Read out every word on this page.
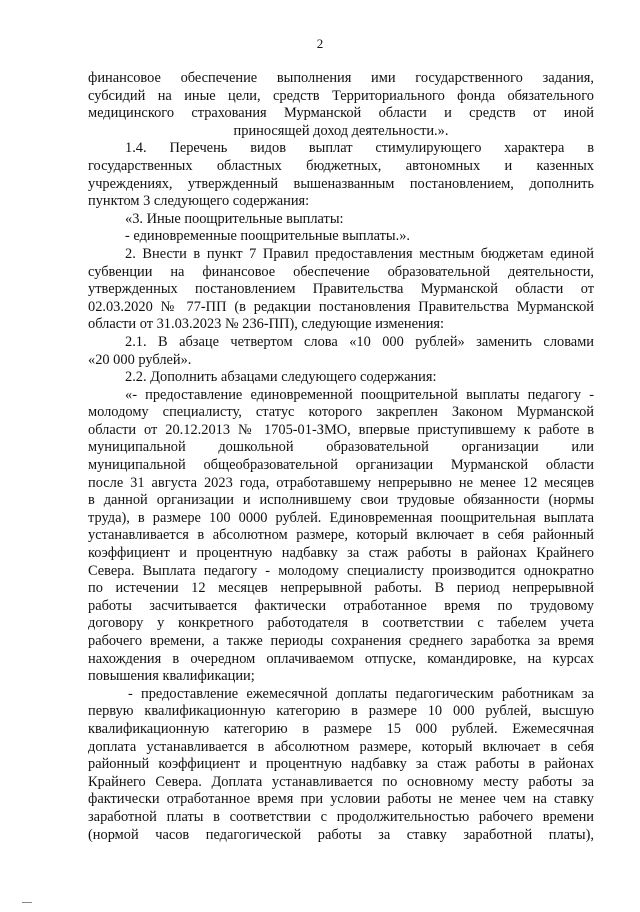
2
финансовое обеспечение выполнения ими государственного задания,
субсидий на иные цели, средств Территориального фонда обязательного
медицинского страхования Мурманской области и средств от иной
приносящей доход деятельности.».
1.4. Перечень видов выплат стимулирующего характера в
государственных областных бюджетных, автономных и казенных
учреждениях, утвержденный вышеназванным постановлением, дополнить
пунктом 3 следующего содержания:
«3. Иные поощрительные выплаты:
- единовременные поощрительные выплаты.».
2. Внести в пункт 7 Правил предоставления местным бюджетам единой
субвенции на финансовое обеспечение образовательной деятельности,
утвержденных постановлением Правительства Мурманской области от
02.03.2020 № 77-ПП (в редакции постановления Правительства Мурманской
области от 31.03.2023 № 236-ПП), следующие изменения:
2.1. В абзаце четвертом слова «10 000 рублей» заменить словами
«20 000 рублей».
2.2. Дополнить абзацами следующего содержания:
«- предоставление единовременной поощрительной выплаты педагогу -
молодому специалисту, статус которого закреплен Законом Мурманской
области от 20.12.2013 № 1705-01-ЗМО, впервые приступившему к работе в
муниципальной дошкольной образовательной организации или
муниципальной общеобразовательной организации Мурманской области
после 31 августа 2023 года, отработавшему непрерывно не менее 12 месяцев
в данной организации и исполнившему свои трудовые обязанности (нормы
труда), в размере 100 0000 рублей. Единовременная поощрительная выплата
устанавливается в абсолютном размере, который включает в себя районный
коэффициент и процентную надбавку за стаж работы в районах Крайнего
Севера. Выплата педагогу - молодому специалисту производится однократно
по истечении 12 месяцев непрерывной работы. В период непрерывной
работы засчитывается фактически отработанное время по трудовому
договору у конкретного работодателя в соответствии с табелем учета
рабочего времени, а также периоды сохранения среднего заработка за время
нахождения в очередном оплачиваемом отпуске, командировке, на курсах
повышения квалификации;
- предоставление ежемесячной доплаты педагогическим работникам за
первую квалификационную категорию в размере 10 000 рублей, высшую
квалификационную категорию в размере 15 000 рублей. Ежемесячная
доплата устанавливается в абсолютном размере, который включает в себя
районный коэффициент и процентную надбавку за стаж работы в районах
Крайнего Севера. Доплата устанавливается по основному месту работы за
фактически отработанное время при условии работы не менее чем на ставку
заработной платы в соответствии с продолжительностью рабочего времени
(нормой часов педагогической работы за ставку заработной платы),
